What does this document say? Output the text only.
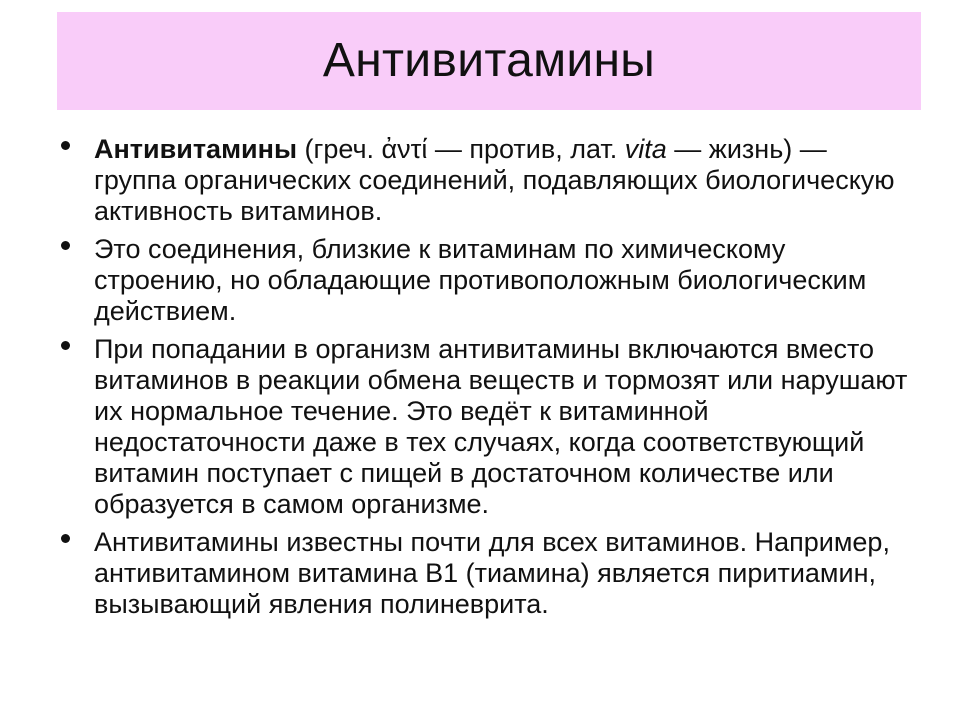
Антивитамины
Антивитамины (греч. ἀντί — против, лат. vita — жизнь) — группа органических соединений, подавляющих биологическую активность витаминов.
Это соединения, близкие к витаминам по химическому строению, но обладающие противоположным биологическим действием.
При попадании в организм антивитамины включаются вместо витаминов в реакции обмена веществ и тормозят или нарушают их нормальное течение. Это ведёт к витаминной недостаточности даже в тех случаях, когда соответствующий витамин поступает с пищей в достаточном количестве или образуется в самом организме.
Антивитамины известны почти для всех витаминов. Например, антивитамином витамина B1 (тиамина) является пиритиамин, вызывающий явления полиневрита.
